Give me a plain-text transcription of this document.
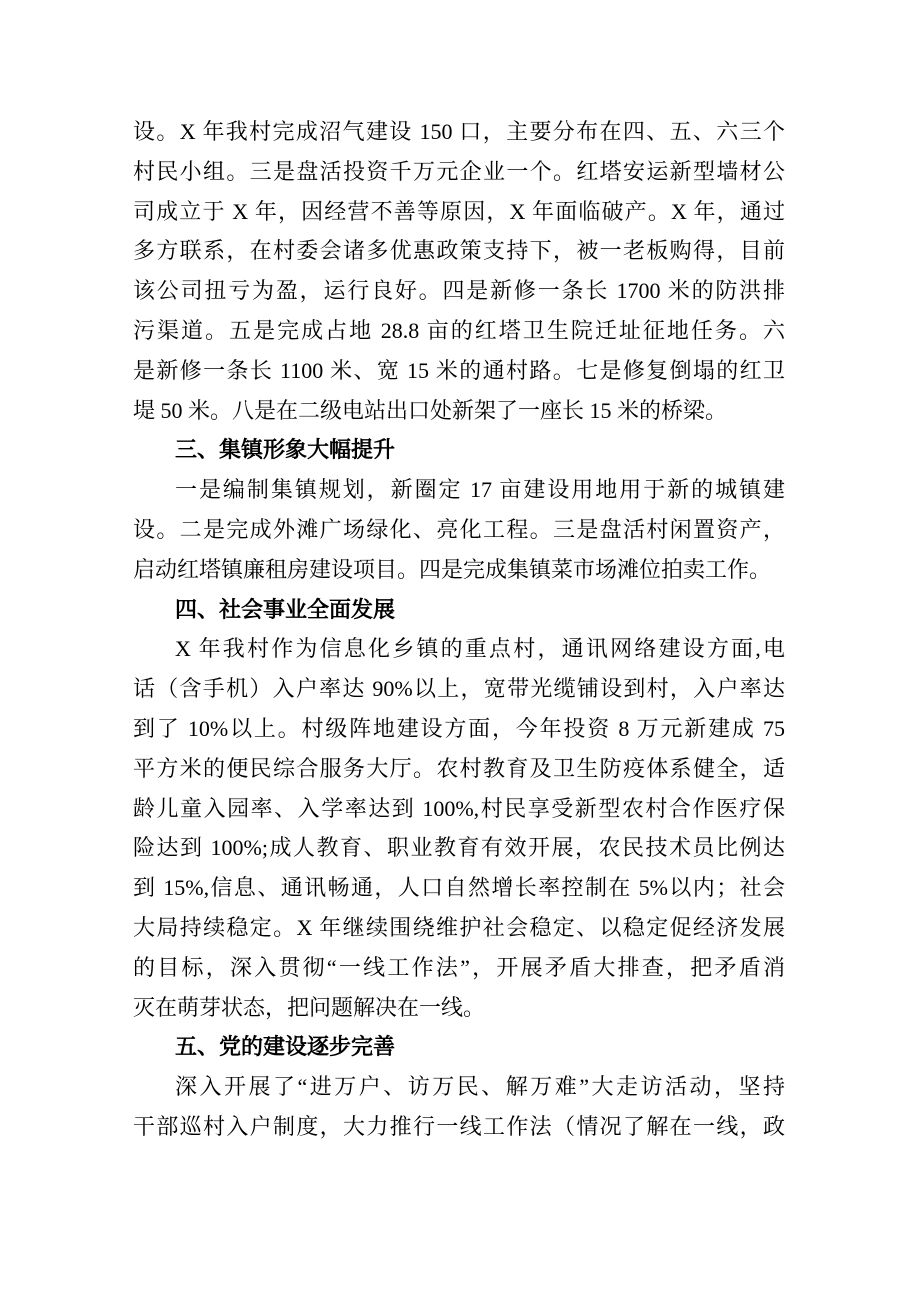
设。X 年我村完成沼气建设 150 口，主要分布在四、五、六三个
村民小组。三是盘活投资千万元企业一个。红塔安运新型墙材公
司成立于 X 年，因经营不善等原因，X 年面临破产。X 年，通过
多方联系，在村委会诸多优惠政策支持下，被一老板购得，目前
该公司扭亏为盈，运行良好。四是新修一条长 1700 米的防洪排
污渠道。五是完成占地 28.8 亩的红塔卫生院迁址征地任务。六
是新修一条长 1100 米、宽 15 米的通村路。七是修复倒塌的红卫
堤 50 米。八是在二级电站出口处新架了一座长 15 米的桥梁。
三、集镇形象大幅提升
一是编制集镇规划，新圈定 17 亩建设用地用于新的城镇建
设。二是完成外滩广场绿化、亮化工程。三是盘活村闲置资产，
启动红塔镇廉租房建设项目。四是完成集镇菜市场滩位拍卖工作。
四、社会事业全面发展
X 年我村作为信息化乡镇的重点村，通讯网络建设方面,电
话（含手机）入户率达 90%以上，宽带光缆铺设到村，入户率达
到了 10%以上。村级阵地建设方面，今年投资 8 万元新建成 75
平方米的便民综合服务大厅。农村教育及卫生防疫体系健全，适
龄儿童入园率、入学率达到 100%,村民享受新型农村合作医疗保
险达到 100%;成人教育、职业教育有效开展，农民技术员比例达
到 15%,信息、通讯畅通，人口自然增长率控制在 5%以内；社会
大局持续稳定。X 年继续围绕维护社会稳定、以稳定促经济发展
的目标，深入贯彻“一线工作法”，开展矛盾大排查，把矛盾消
灭在萌芽状态，把问题解决在一线。
五、党的建设逐步完善
深入开展了“进万户、访万民、解万难”大走访活动，坚持
干部巡村入户制度，大力推行一线工作法（情况了解在一线，政
